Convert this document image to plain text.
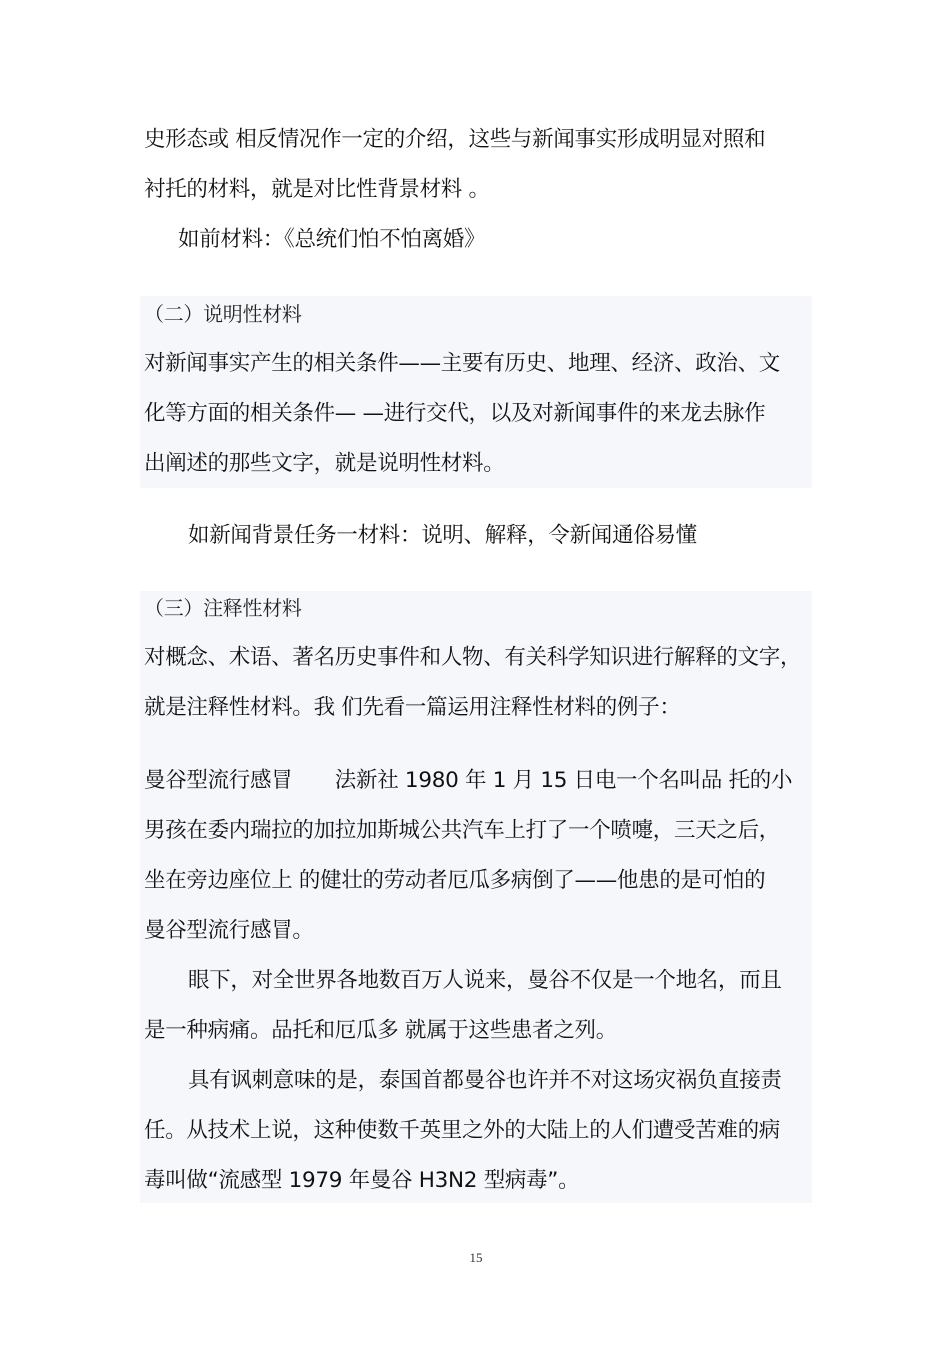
史形态或 相反情况作一定的介绍，这些与新闻事实形成明显对照和
衬托的材料，就是对比性背景材料 。
如前材料：《总统们怕不怕离婚》
（二）说明性材料
对新闻事实产生的相关条件——主要有历史、地理、经济、政治、文
化等方面的相关条件— —进行交代，以及对新闻事件的来龙去脉作
出阐述的那些文字，就是说明性材料。
如新闻背景任务一材料：说明、解释，令新闻通俗易懂
（三）注释性材料
对概念、术语、著名历史事件和人物、有关科学知识进行解释的文字，
就是注释性材料。我 们先看一篇运用注释性材料的例子：
曼谷型流行感冒　　法新社 1980 年 1 月 15 日电一个名叫品 托的小
男孩在委内瑞拉的加拉加斯城公共汽车上打了一个喷嚏，三天之后，
坐在旁边座位上 的健壮的劳动者厄瓜多病倒了——他患的是可怕的
曼谷型流行感冒。
眼下，对全世界各地数百万人说来，曼谷不仅是一个地名，而且
是一种病痛。品托和厄瓜多 就属于这些患者之列。
具有讽刺意味的是，泰国首都曼谷也许并不对这场灾祸负直接责
任。从技术上说，这种使数千英里之外的大陆上的人们遭受苦难的病
毒叫做“流感型 1979 年曼谷 H3N2 型病毒”。
15
